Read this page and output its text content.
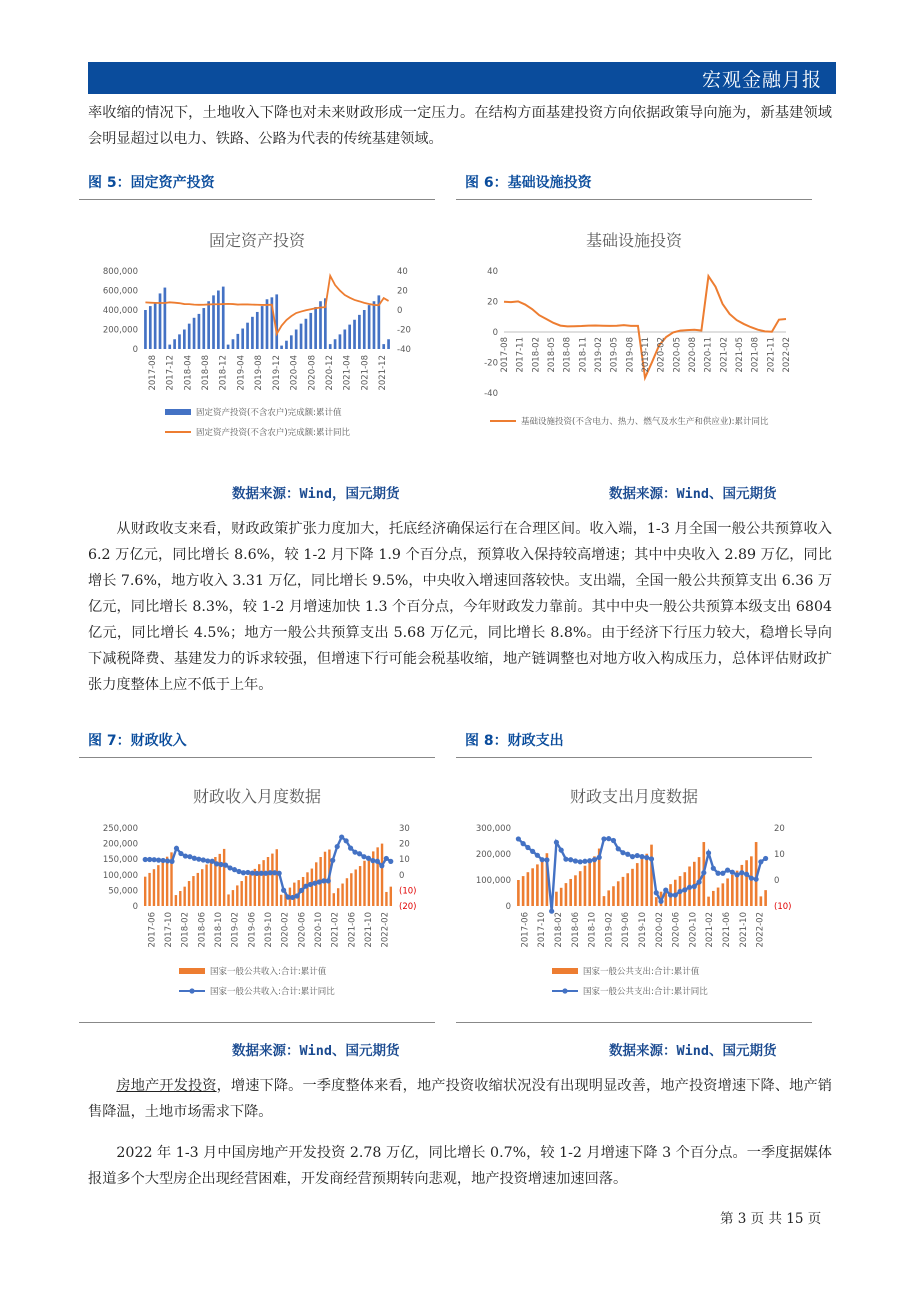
宏观金融月报

率收缩的情况下，土地收入下降也对未来财政形成一定压力。在结构方面基建投资方向依据政策导向施为，新基建领域会明显超过以电力、铁路、公路为代表的传统基建领域。

图 5：固定资产投资
固定资产投资
0
200,000
400,000
600,000
800,000
-40
-20
0
20
40
2017-08 2017-12 2018-04 2018-08 2018-12 2019-04 2019-08 2019-12 2020-04 2020-08 2020-12 2021-04 2021-08 2021-12
固定资产投资(不含农户)完成额:累计值
固定资产投资(不含农户)完成额:累计同比
数据来源：Wind，国元期货
图 6：基础设施投资
基础设施投资
-40
-20
0
20
40
2017-08 2017-11 2018-02 2018-05 2018-08 2018-11 2019-02 2019-05 2019-08 2019-11 2020-02 2020-05 2020-08 2020-11 2021-02 2021-05 2021-08 2021-11 2022-02
基础设施投资(不含电力、热力、燃气及水生产和供应业):累计同比
数据来源：Wind、国元期货

从财政收支来看，财政政策扩张力度加大，托底经济确保运行在合理区间。收入端，1-3 月全国一般公共预算收入 6.2 万亿元，同比增长 8.6%，较 1-2 月下降 1.9 个百分点，预算收入保持较高增速；其中中央收入 2.89 万亿，同比增长 7.6%，地方收入 3.31 万亿，同比增长 9.5%，中央收入增速回落较快。支出端，全国一般公共预算支出 6.36 万亿元，同比增长 8.3%，较 1-2 月增速加快 1.3 个百分点，今年财政发力靠前。其中中央一般公共预算本级支出 6804 亿元，同比增长 4.5%；地方一般公共预算支出 5.68 万亿元，同比增长 8.8%。由于经济下行压力较大，稳增长导向下减税降费、基建发力的诉求较强，但增速下行可能会税基收缩，地产链调整也对地方收入构成压力，总体评估财政扩张力度整体上应不低于上年。

图 7：财政收入
财政收入月度数据
0
50,000
100,000
150,000
200,000
250,000
(20)
(10)
0
10
20
30
2017-06 2017-10 2018-02 2018-06 2018-10 2019-02 2019-06 2019-10 2020-02 2020-06 2020-10 2021-02 2021-06 2021-10 2022-02
国家一般公共收入:合计:累计值
国家一般公共收入:合计:累计同比
数据来源：Wind、国元期货
图 8：财政支出
财政支出月度数据
0
100,000
200,000
300,000
(10)
0
10
20
2017-06 2017-10 2018-02 2018-06 2018-10 2019-02 2019-06 2019-10 2020-02 2020-06 2020-10 2021-02 2021-06 2021-10 2022-02
国家一般公共支出:合计:累计值
国家一般公共支出:合计:累计同比
数据来源：Wind、国元期货

房地产开发投资，增速下降。一季度整体来看，地产投资收缩状况没有出现明显改善，地产投资增速下降、地产销售降温，土地市场需求下降。

2022 年 1-3 月中国房地产开发投资 2.78 万亿，同比增长 0.7%，较 1-2 月增速下降 3 个百分点。一季度据媒体报道多个大型房企出现经营困难，开发商经营预期转向悲观，地产投资增速加速回落。

第 3 页 共 15 页
